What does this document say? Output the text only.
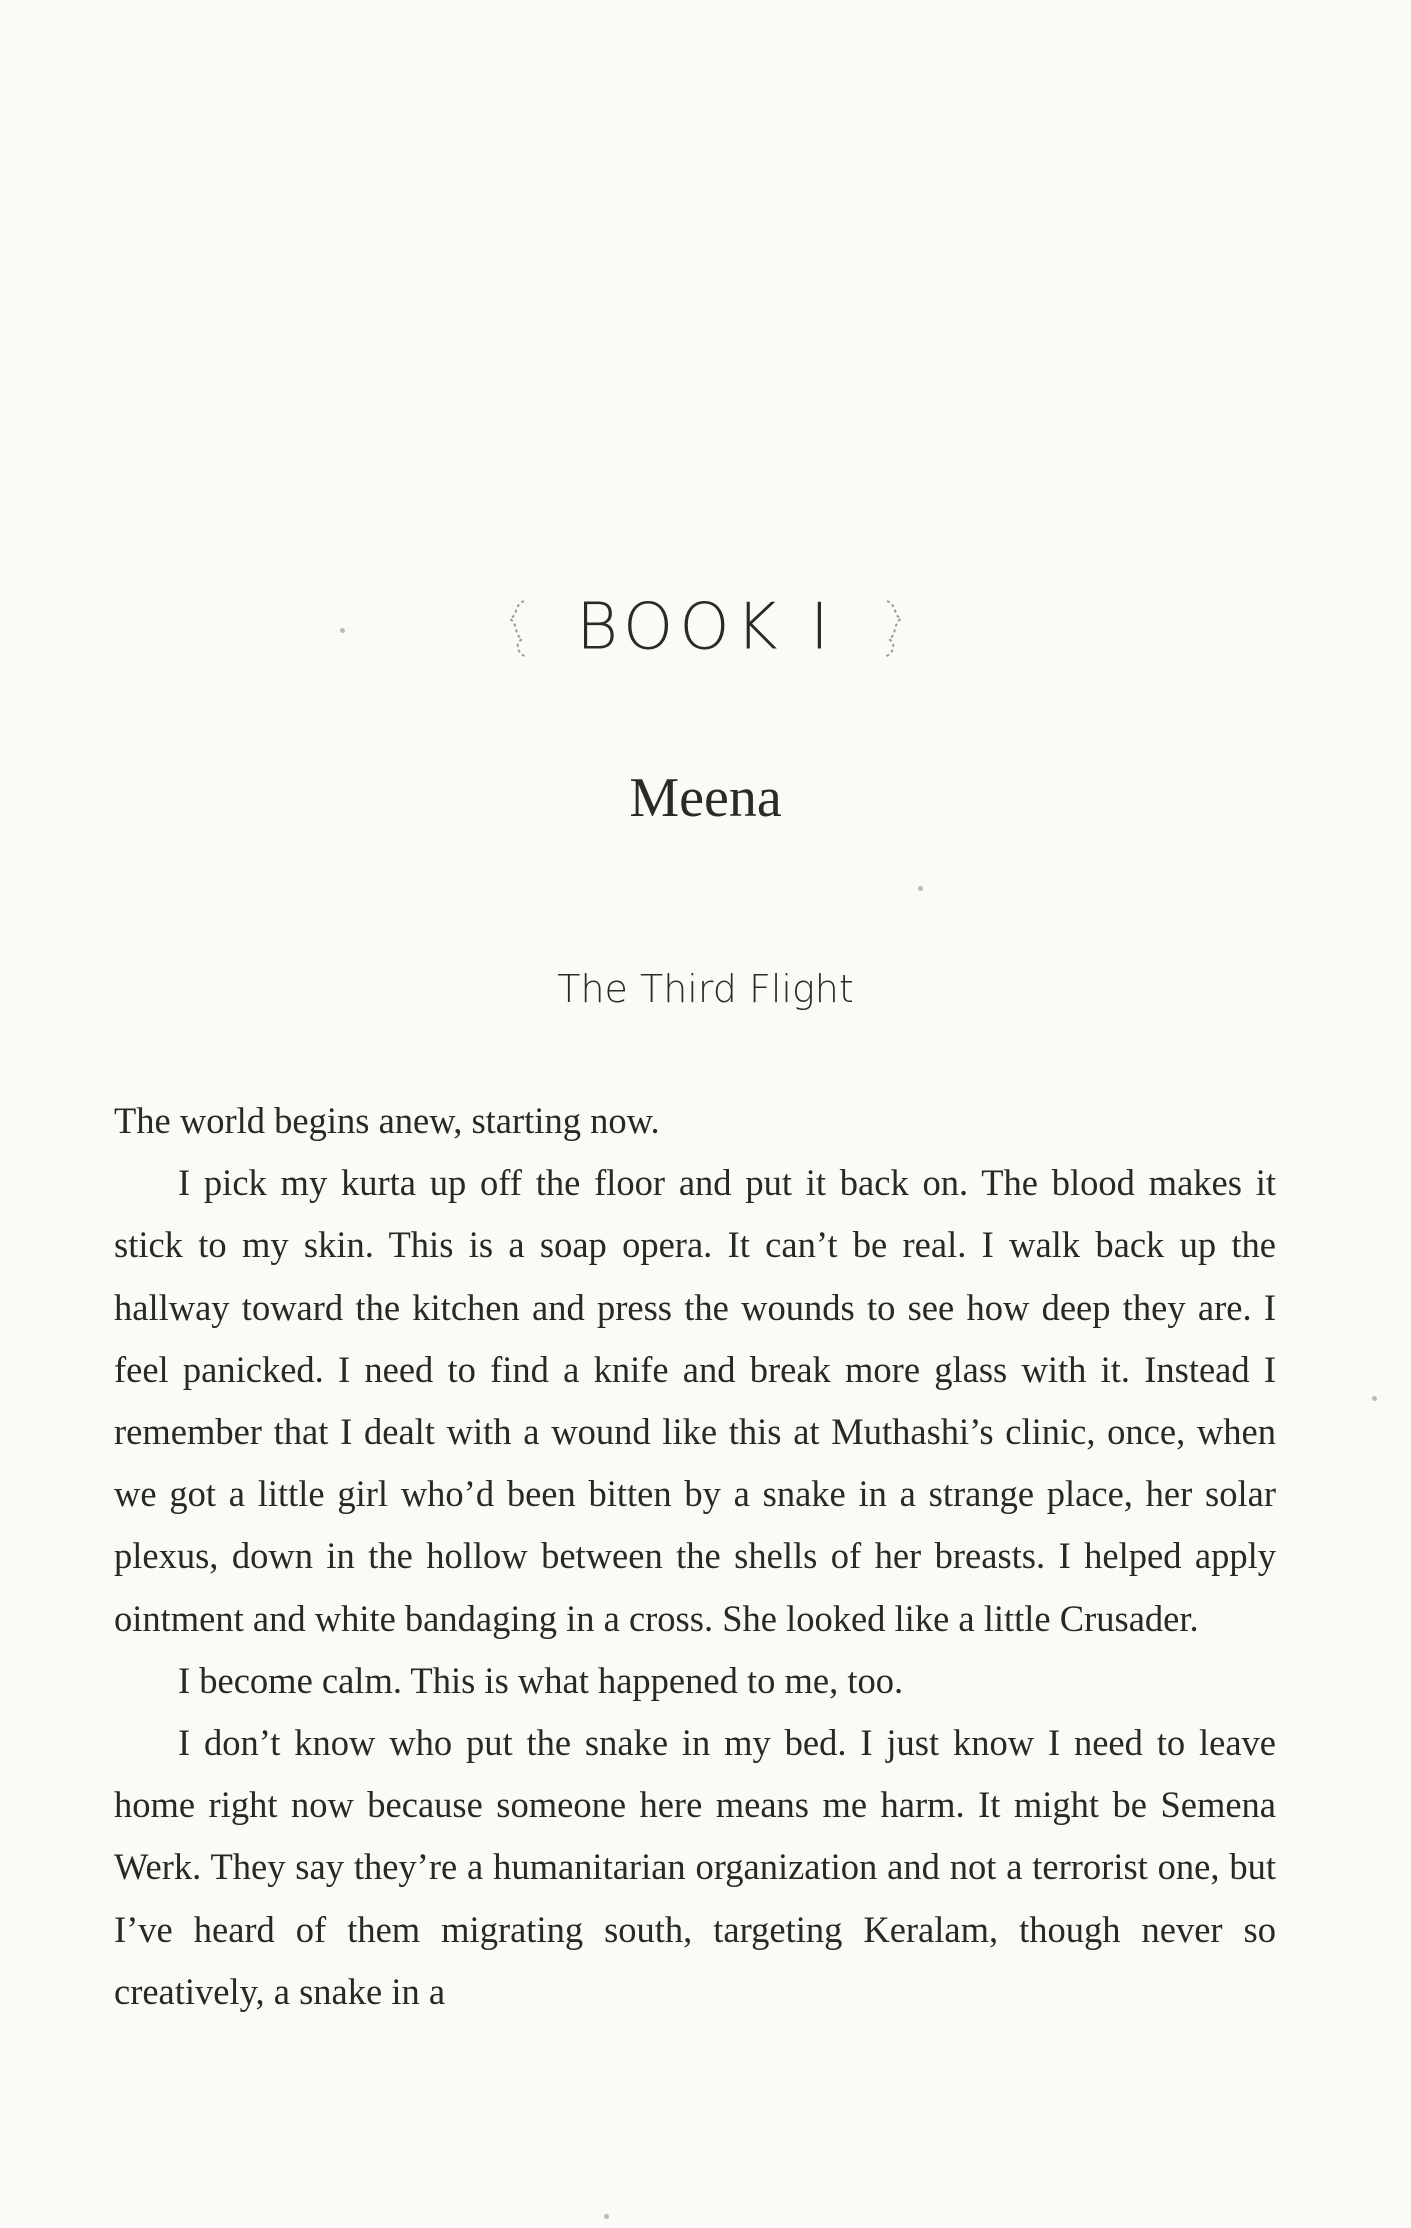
BOOK I
Meena
The Third Flight

The world begins anew, starting now.

I pick my kurta up off the floor and put it back on. The blood makes it stick to my skin. This is a soap opera. It can’t be real. I walk back up the hallway toward the kitchen and press the wounds to see how deep they are. I feel panicked. I need to find a knife and break more glass with it. Instead I remember that I dealt with a wound like this at Muthashi’s clinic, once, when we got a little girl who’d been bitten by a snake in a strange place, her solar plexus, down in the hollow between the shells of her breasts. I helped apply ointment and white bandaging in a cross. She looked like a little Crusader.

I become calm. This is what happened to me, too.

I don’t know who put the snake in my bed. I just know I need to leave home right now because someone here means me harm. It might be Semena Werk. They say they’re a humanitarian organization and not a terrorist one, but I’ve heard of them migrating south, targeting Keralam, though never so creatively, a snake in a
